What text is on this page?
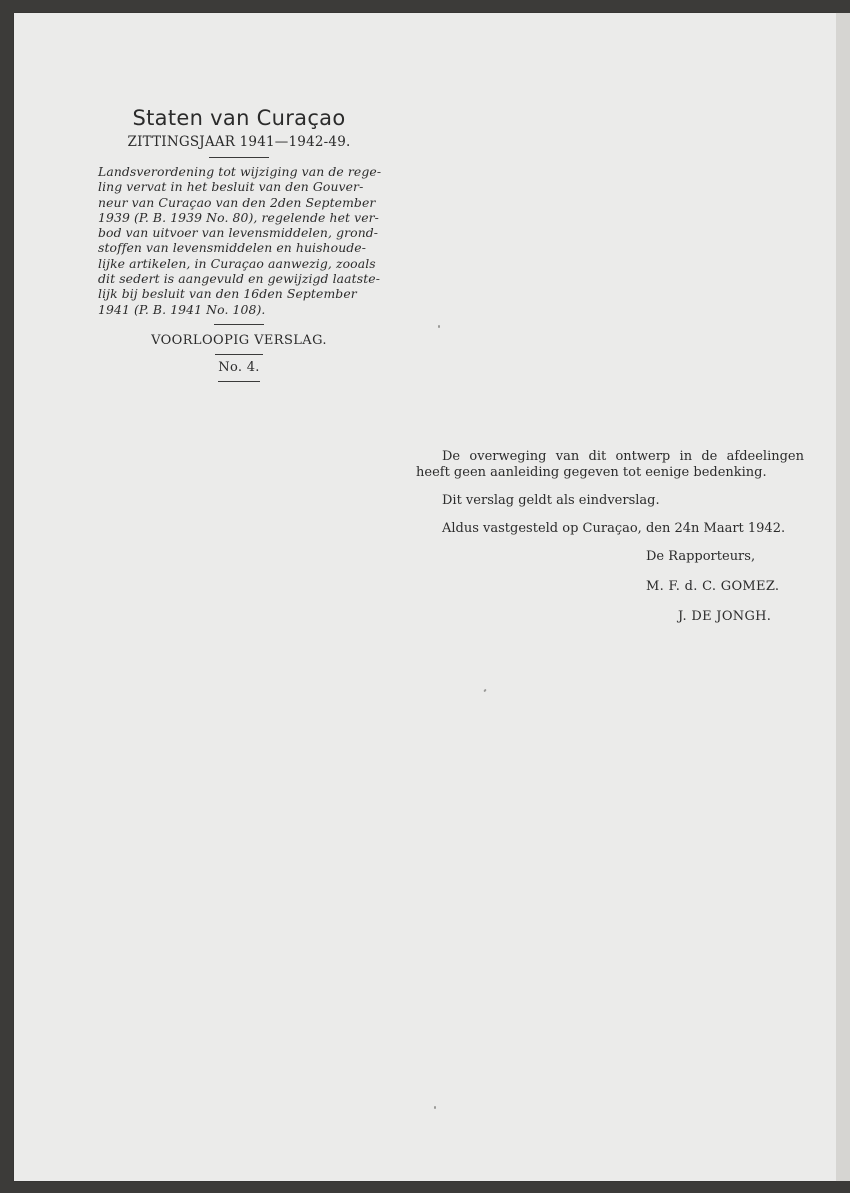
Staten van Curaçao
ZITTINGSJAAR 1941—1942-49.
Landsverordening tot wijziging van de rege-
ling vervat in het besluit van den Gouver-
neur van Curaçao van den 2den September
1939 (P. B. 1939 No. 80), regelende het ver-
bod van uitvoer van levensmiddelen, grond-
stoffen van levensmiddelen en huishoude-
lijke artikelen, in Curaçao aanwezig, zooals
dit sedert is aangevuld en gewijzigd laatste-
lijk bij besluit van den 16den September
1941 (P. B. 1941 No. 108).
VOORLOOPIG VERSLAG.
No. 4.

De overweging van dit ontwerp in de afdeelingen heeft geen aanleiding gegeven tot eenige bedenking.

Dit verslag geldt als eindverslag.
Aldus vastgesteld op Curaçao, den 24n Maart 1942.
De Rapporteurs,
M. F. d. C. GOMEZ.
J. DE JONGH.
